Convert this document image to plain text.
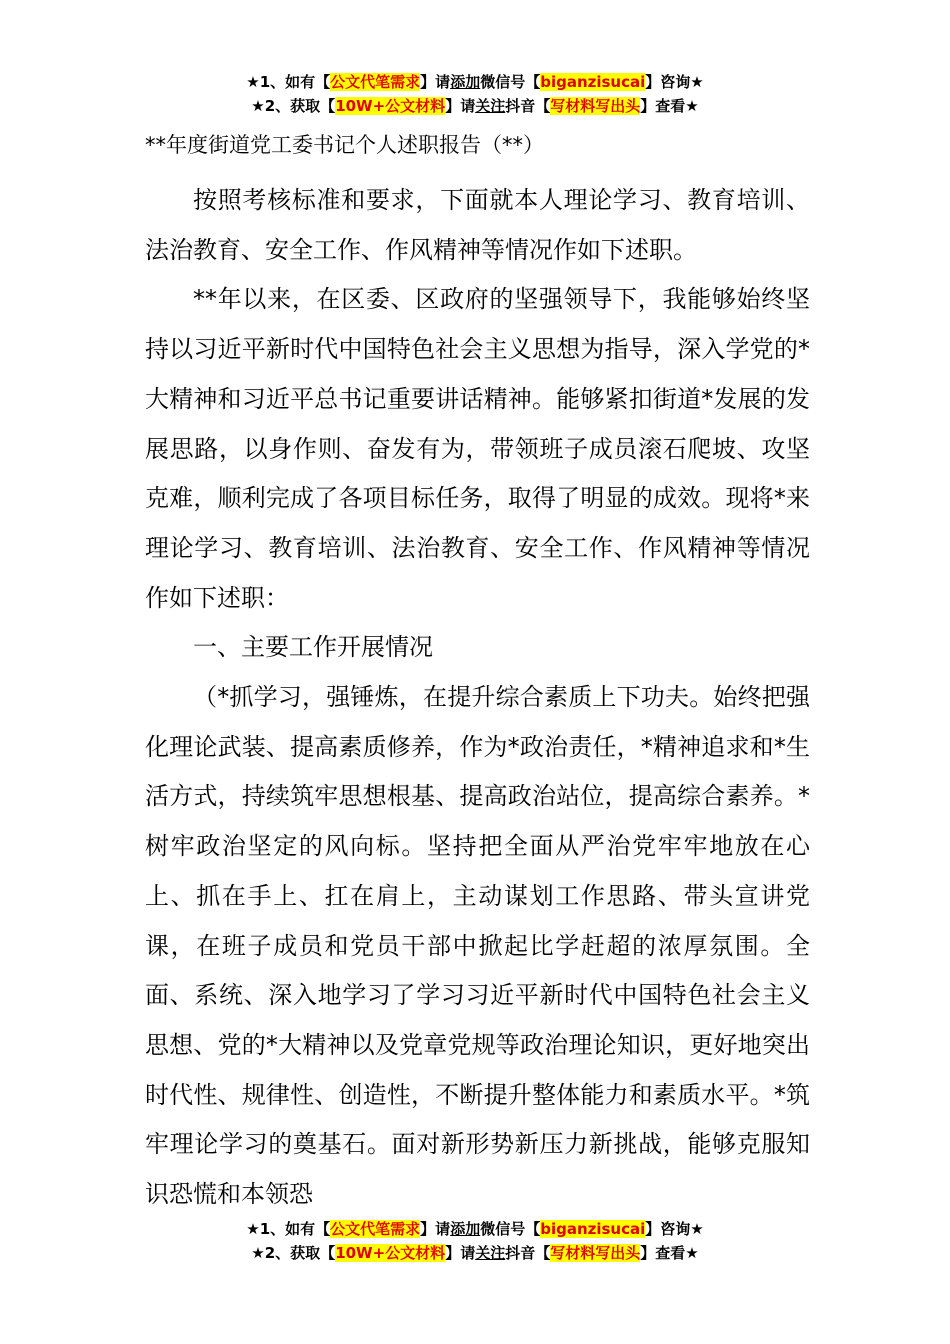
★1、如有【公文代笔需求】请添加微信号【biganzisucai】咨询★
★2、获取【10W+公文材料】请关注抖音【写材料写出头】查看★
**年度街道党工委书记个人述职报告（**）

按照考核标准和要求，下面就本人理论学习、教育培训、法治教育、安全工作、作风精神等情况作如下述职。

**年以来，在区委、区政府的坚强领导下，我能够始终坚持以习近平新时代中国特色社会主义思想为指导，深入学党的*大精神和习近平总书记重要讲话精神。能够紧扣街道*发展的发展思路，以身作则、奋发有为，带领班子成员滚石爬坡、攻坚克难，顺利完成了各项目标任务，取得了明显的成效。现将*来理论学习、教育培训、法治教育、安全工作、作风精神等情况作如下述职：

一、主要工作开展情况

（*抓学习，强锤炼，在提升综合素质上下功夫。始终把强化理论武装、提高素质修养，作为*政治责任，*精神追求和*生活方式，持续筑牢思想根基、提高政治站位，提高综合素养。*树牢政治坚定的风向标。坚持把全面从严治党牢牢地放在心上、抓在手上、扛在肩上，主动谋划工作思路、带头宣讲党课，在班子成员和党员干部中掀起比学赶超的浓厚氛围。全面、系统、深入地学习了学习习近平新时代中国特色社会主义思想、党的*大精神以及党章党规等政治理论知识，更好地突出时代性、规律性、创造性，不断提升整体能力和素质水平。*筑牢理论学习的奠基石。面对新形势新压力新挑战，能够克服知识恐慌和本领恐

★1、如有【公文代笔需求】请添加微信号【biganzisucai】咨询★
★2、获取【10W+公文材料】请关注抖音【写材料写出头】查看★
